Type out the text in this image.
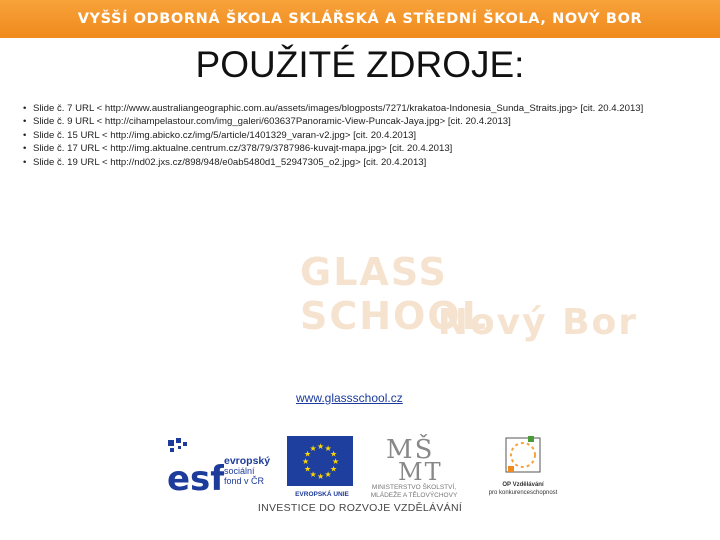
VYŠŠÍ ODBORNÁ ŠKOLA SKLÁŘSKÁ A STŘEDNÍ ŠKOLA, NOVÝ BOR
POUŽITÉ ZDROJE:
• Slide č. 7 URL < http://www.australiangeographic.com.au/assets/images/blogposts/7271/krakatoa-Indonesia_Sunda_Straits.jpg> [cit. 20.4.2013]
• Slide č. 9 URL < http://cihampelastour.com/img_galeri/603637Panoramic-View-Puncak-Jaya.jpg> [cit. 20.4.2013]
• Slide č. 15 URL < http://img.abicko.cz/img/5/article/1401329_varan-v2.jpg> [cit. 20.4.2013]
• Slide č. 17 URL < http://img.aktualne.centrum.cz/378/79/3787986-kuvajt-mapa.jpg> [cit. 20.4.2013]
• Slide č. 19 URL < http://nd02.jxs.cz/898/948/e0ab5480d1_52947305_o2.jpg> [cit. 20.4.2013]
GLASS SCHOOL
Nový Bor
www.glassschool.cz
esf
evropský
sociální
fond v ČR
★
★
★
★
★
★
★
★
★ ★ ★
★
EVROPSKÁ UNIE
MŠ
MT
MINISTERSTVO ŠKOLSTVÍ,
MLÁDEŽE A TĚLOVÝCHOVY
OP Vzdělávání
pro konkurenceschopnost
INVESTICE DO ROZVOJE VZDĚLÁVÁNÍ
